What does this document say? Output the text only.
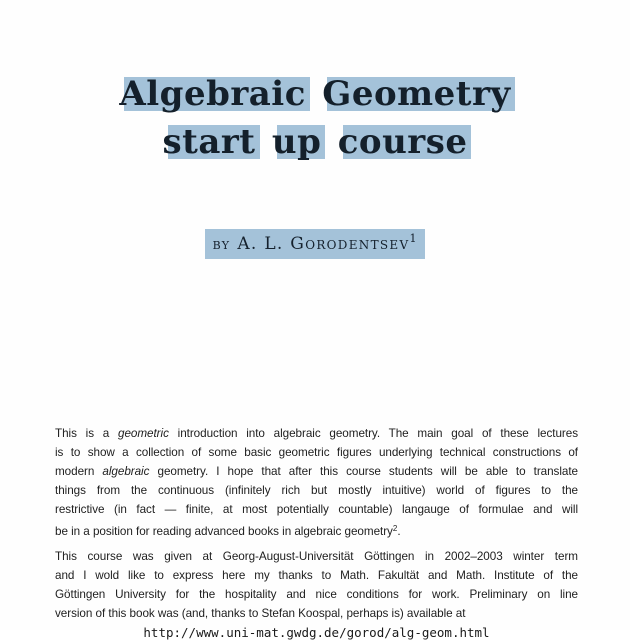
Algebraic Geometry
start up course
by A. L. Gorodentsev$^1$
This is a geometric introduction into algebraic geometry. The main goal of these lectures
is to show a collection of some basic geometric figures underlying technical constructions of
modern algebraic geometry. I hope that after this course students will be able to translate
things from the continuous (infinitely rich but mostly intuitive) world of figures to the
restrictive (in fact — finite, at most potentially countable) langauge of formulae and will
be in a position for reading advanced books in algebraic geometry$^2$.
This course was given at Georg-August-Universität Göttingen in 2002–2003 winter term
and I wold like to express here my thanks to Math. Fakultät and Math. Institute of the
Göttingen University for the hospitality and nice conditions for work. Preliminary on line
version of this book was (and, thanks to Stefan Koospal, perhaps is) available at
http://www.uni-mat.gwdg.de/gorod/alg-geom.html
